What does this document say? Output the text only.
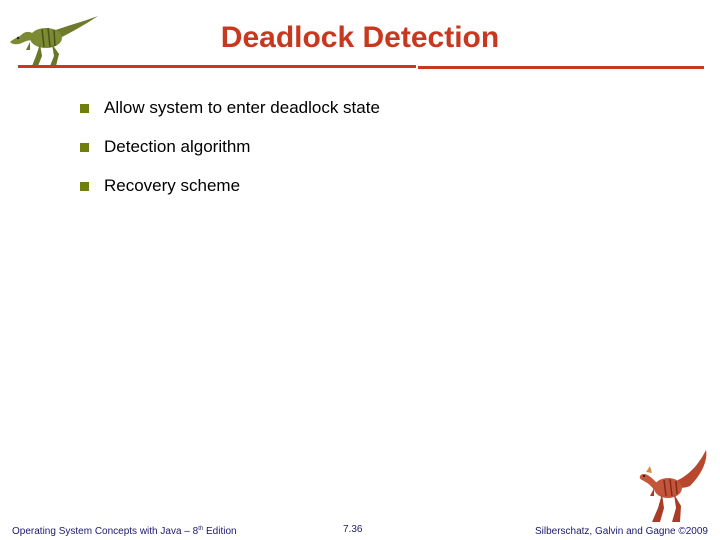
Deadlock Detection
Allow system to enter deadlock state
Detection algorithm
Recovery scheme
Operating System Concepts with Java – 8th Edition	7.36	Silberschatz, Galvin and Gagne ©2009
